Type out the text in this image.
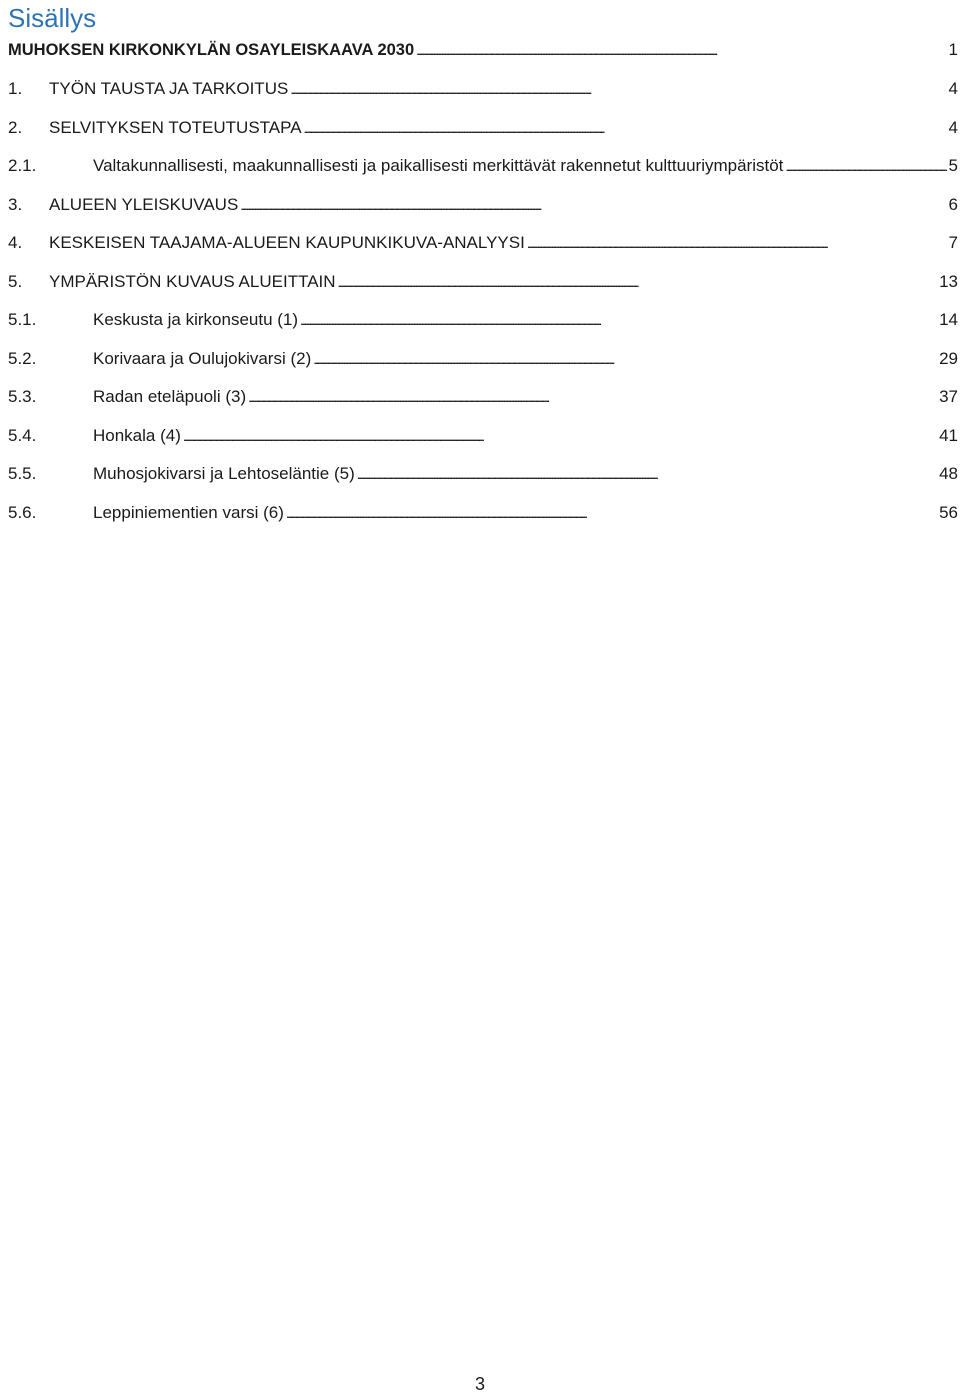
Sisällys
MUHOKSEN KIRKONKYLÄN OSAYLEISKAAVA 2030 . . .	1
1.	TYÖN TAUSTA JA TARKOITUS . . .	4
2.	SELVITYKSEN TOTEUTUSTAPA . . .	4
2.1.	Valtakunnallisesti, maakunnallisesti ja paikallisesti merkittävät rakennetut kulttuuriympäristöt . . .	5
3.	ALUEEN YLEISKUVAUS . . .	6
4.	KESKEISEN TAAJAMA-ALUEEN KAUPUNKIKUVA-ANALYYSI . . .	7
5.	YMPÄRISTÖN KUVAUS ALUEITTAIN . . .	13
5.1.	Keskusta ja kirkonseutu (1) . . .	14
5.2.	Korivaara ja Oulujokivarsi (2) . . .	29
5.3.	Radan eteläpuoli (3) . . .	37
5.4.	Honkala (4) . . .	41
5.5.	Muhosjokivarsi ja Lehtoseläntie (5) . . .	48
5.6.	Leppiniementien varsi (6) . . .	56
3
